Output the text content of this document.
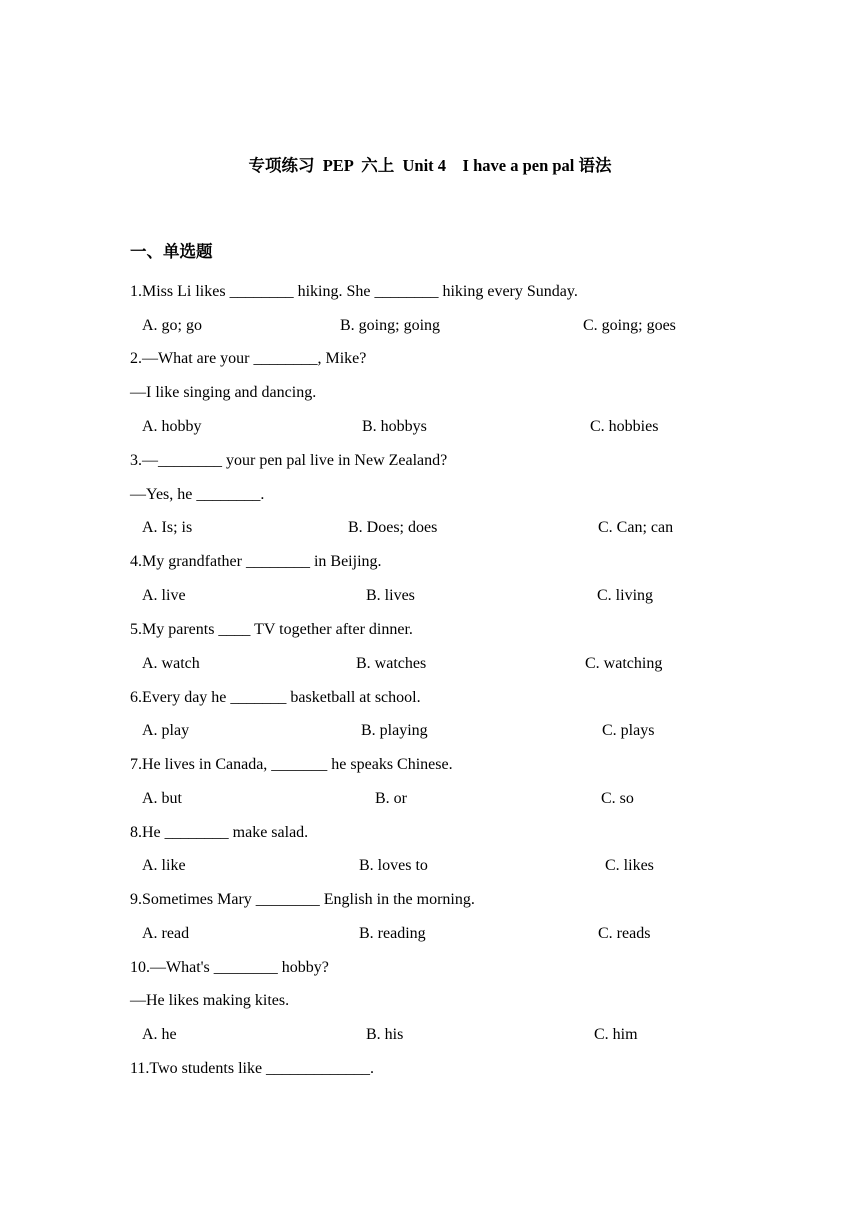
专项练习  PEP  六上  Unit 4    I have a pen pal 语法
一、单选题
1.Miss Li likes ________ hiking. She ________ hiking every Sunday.
A. go; go	B. going; going	C. going; goes
2.—What are your ________, Mike?
—I like singing and dancing.
A. hobby	B. hobbys	C. hobbies
3.—________ your pen pal live in New Zealand?
—Yes, he ________.
A. Is; is	B. Does; does	C. Can; can
4.My grandfather ________ in Beijing.
A. live	B. lives	C. living
5.My parents ____ TV together after dinner.
A. watch	B. watches	C. watching
6.Every day he _______ basketball at school.
A. play	B. playing	C. plays
7.He lives in Canada, _______ he speaks Chinese.
A. but	B. or	C. so
8.He ________ make salad.
A. like	B. loves to	C. likes
9.Sometimes Mary ________ English in the morning.
A. read	B. reading	C. reads
10.—What's ________ hobby?
—He likes making kites.
A. he	B. his	C. him
11.Two students like _____________.
